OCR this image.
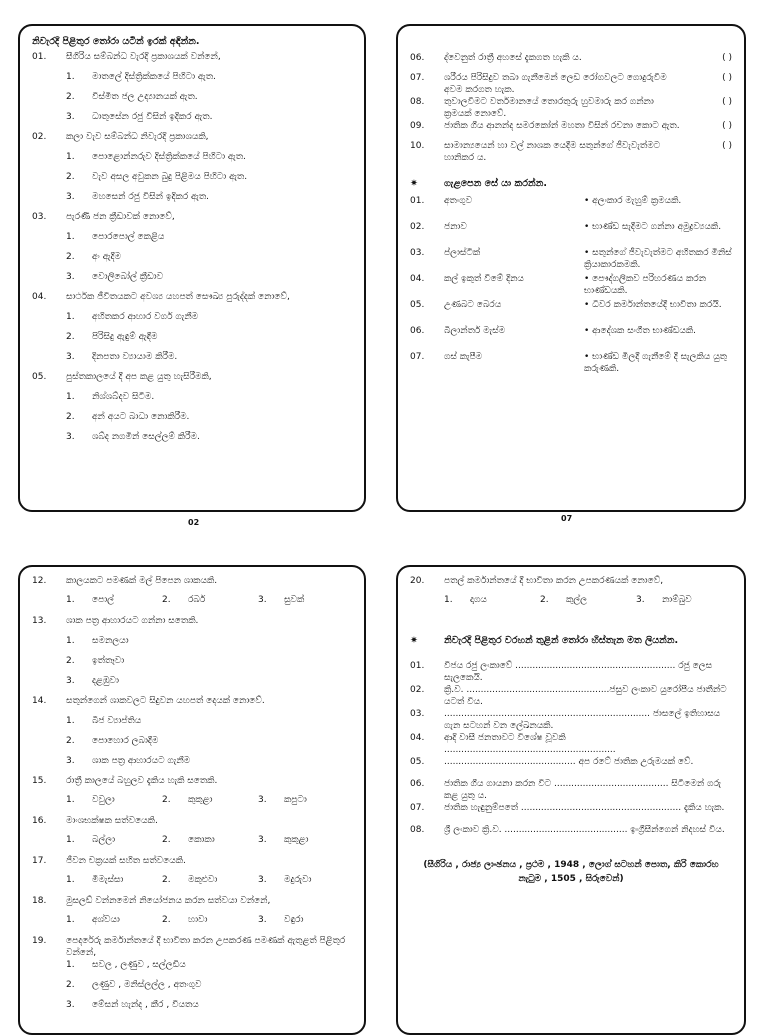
නිවැරදි පිළිතුර තෝරා යටින් ඉරක් අඳින්න.
01.	සීගිරිය සම්බන්ධ වැරදි ප්‍රකාශයක් වන්නේ,
1.	මාතලේ දිස්ත්‍රික්කයේ පිහිටා ඇත.
2.	විස්මිත ජල උද්‍යානයක් ඇත.
3.	ධාතුසේන රජු විසින් ඉදිකර ඇත.
02.	කලා වැව සම්බන්ධ නිවැරදි ප්‍රකාශයකි,
1.	පොළොන්නරුව දිස්ත්‍රික්කයේ පිහිටා ඇත.
2.	වැව අසල අවුකන බුදු පිළිමය පිහිටා ඇත.
3.	මහසෙන් රජු විසින් ඉදිකර ඇත.
03.	පැරණි ජන ක්‍රීඩාවක් නොවේ,
1.	පොරපොල් කෙළිය
2.	අං ඇදීම
3.	වොලිබෝල් ක්‍රීඩාව
04.	සාර්ථක ජීවිතයකට අවශ්‍ය යහපත් සෞඛ්‍ය පුරුද්දක් නොවේ,
1.	අහිතකර ආහාර වර්ග ගැනීම
2.	පිරිසිදු ඇඳුම් ඇඳීම
3.	දිනපතා ව්‍යායාම කිරීම.
05.	පුස්තකාලයේ දී අප කළ යුතු හැසිරීමකි,
1.	නිශ්ශබ්දව සිටීම.
2.	අන් අයට බාධා නොකිරීම.
3.	ශබ්ද නගමින් සෙල්ලම් කිරීම.
02
06.	ද්වෙනුත් රාත්‍රී අහසේ දැකගත හැකි ය.	( )
07.	ශරීරය පිරිසිදුව තබා ගැනීමෙන් ලෙඩ රෝගවලට ගොදුරුවීම අවම කරගත හැක.
( )
08.	තුවාලවීමට වර්තමානයේ තොරතුරු හුවමාරු කර ගන්නා ක්‍රමයක් නොවේ.
( )
09.	ජාතික ගීය ආනන්ද සමරකෝන් මහතා විසින් රචනා කොට ඇත.	( )
10.	සාමාන්‍යයෙන් හා වල් නාශක යෙදීම සතුන්ගේ ජීවැවැත්මට හානිකර ය.
( )
✷	ගැළපෙන සේ යා කරන්න.
01.	අතංගුව	• අලංකාර මැහුම් ක්‍රමයකි.
02.	ජනාව	• භාණ්ඩ සැදීමට ගන්නා අමුද්‍රව්‍යයකි.
03.	ප්ලාස්ටික්	• සතුන්ගේ ජීවැවැත්මට අහිතකර මිනිස් ක්‍රියාකාරකමකි.
04.	කල් ඉකුත් වීමේ දිනය	• පෞද්ගලිකව පරිහරණය කරන භාණ්ඩයකි.
05.	උණබට බෙරය	• ධීවර කර්මාන්තයේදී භාවිතා කරයි.
06.	බිලාන්තර් මැස්ම	• ආදේශක සංගීත භාණ්ඩයකි.
07.	ගස් කැපීම	• භාණ්ඩ මිලදී ගැනීමේ දී සැලකිය යුතු කරුණකි.
07
12.	කාලයකට පමණක් මල් පිපෙන ශාකයකි.
1.	පොල්	2.	රබර්	3.	සුවක්
13.	ශාක පත්‍ර ආහාරයට ගන්නා සතෙකි.
1.	සමනලයා
2.	ඉත්තෑවා
3.	දළඹුවා
14.	සතුන්ගෙන් ශාකවලට සිදුවන යහපත් දෙයක් නොවේ.
1.	බීජ ව්‍යාප්තිය
2.	පොහොර ලබාදීම
3.	ශාක පත්‍ර ආහාරයට ගැනීම
15.	රාත්‍රී කාලයේ බහුලව දැකිය හැකි සතෙකි.
1.	වවුලා	2.	කුකුළා	3.	කපුටා
16.	මාංශභක්ෂක සත්වයෙකි.
1.	බල්ලා	2.	කොකා	3.	කුකුළා
17.	ජීවන චක්‍රයක් සහිත සත්වයෙකි.
1.	මීමැස්සා	2.	මකුළුවා	3.	මදුරුවා
18.	මුසලඩ් වන්නමෙන් නියෝජනය කරන සත්වයා වන්නේ,
1.	අශ්වයා	2.	හාවා	3.	වඳුරා
19.	පෙදරේරු කර්මාන්තයේ දී භාවිතා කරන උපකරණ පමණක් ඇතුළත් පිළිතුර වන්නේ,
1.	සවල , ලණුව , සල්ලඩිය
2.	ලණුව , මනිස්ලල්ල , අතංගුව
3.	මේසන් හැන්ද , කීර , වියතය
20.	පතල් කර්මාන්තයේ දී භාවිතා කරන උපකරණයක් නොවේ,
1.	දාගය	2.	කුල්ල	3.	නාම්බුව
✷	නිවැරදි පිළිතුර වරහන් තුළින් තෝරා හිස්තැන මත ලියන්න.
01.	විජය රජු ලංකාවේ ........................................................ රජු ලෙස සැලකෙයි.
02.	ක්‍රි.ව. ..................................................ජසුව ලංකාව යුරෝපීය ජාතීන්ට යටත් විය.
03.	........................................................................ ජාසලේ ඉතිහාසය ගැන සටහන් වන ලේඛනයකි.
04.	ආදි වාසී ජනතාවට විශේෂ වූවකි ............................................................
05.	.............................................. අප රටේ ජාතික උරුමයක් වේ.
06.	ජාතික ගීය ගායනා කරන විට ........................................ සිටීමෙන් ගරු කළ යුතු ය.
07.	ජාතික හැඳුනුම්පතේ ........................................................ දැකිය හැක.
08.	ශ්‍රී ලංකාව ක්‍රි.ව. ........................................... ඉංග්‍රීසීන්ගෙන් නිදහස් විය.
(සීගිරිය , රාජ්‍ය ලාංඡනය , ප්‍රථම , 1948 , ලොග් සටහන් පොත, කිරි කොරහ නැටුම , 1505 , සිරුවෙන්)
